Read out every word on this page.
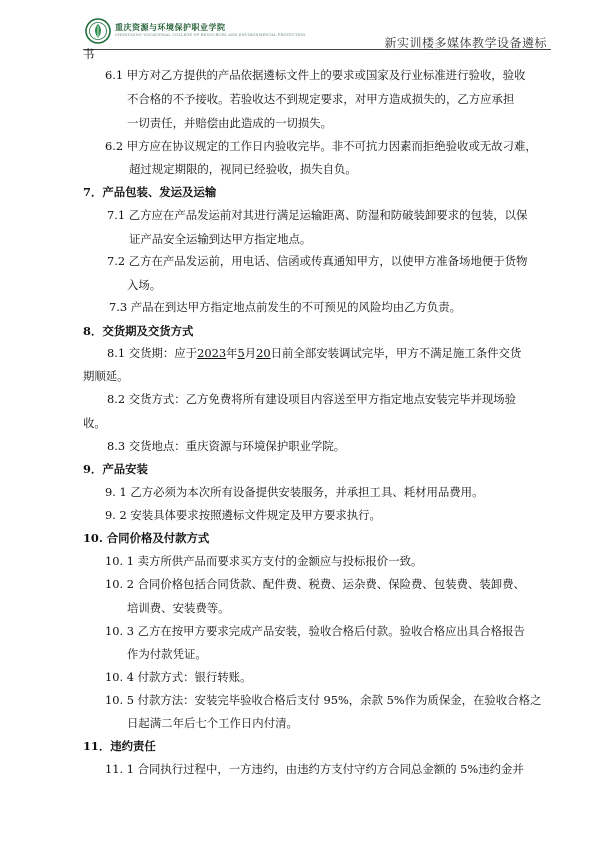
重庆资源与环境保护职业学院
CHONGQING VOCATIONAL COLLEGE OF RESOURCES AND ENVIRONMENTAL PROTECTION
新实训楼多媒体教学设备遴标
书
6.1 甲方对乙方提供的产品依据遴标文件上的要求或国家及行业标准进行验收，验收
不合格的不予接收。若验收达不到规定要求，对甲方造成损失的，乙方应承担
一切责任，并赔偿由此造成的一切损失。
6.2 甲方应在协议规定的工作日内验收完毕。非不可抗力因素而拒绝验收或无故刁难，
超过规定期限的，视同已经验收，损失自负。
7．产品包装、发运及运输
7.1 乙方应在产品发运前对其进行满足运输距离、防湿和防破装卸要求的包装，以保
证产品安全运输到达甲方指定地点。
7.2 乙方在产品发运前，用电话、信函或传真通知甲方，以使甲方准备场地便于货物
入场。
7.3 产品在到达甲方指定地点前发生的不可预见的风险均由乙方负责。
8．交货期及交货方式
8.1 交货期：应于2023年5月20日前全部安装调试完毕，甲方不满足施工条件交货
期顺延。
8.2 交货方式：乙方免费将所有建设项目内容送至甲方指定地点安装完毕并现场验
收。
8.3 交货地点：重庆资源与环境保护职业学院。
9．产品安装
9. 1 乙方必须为本次所有设备提供安装服务，并承担工具、耗材用品费用。
9. 2 安装具体要求按照遴标文件规定及甲方要求执行。
10. 合同价格及付款方式
10. 1 卖方所供产品而要求买方支付的金额应与投标报价一致。
10. 2 合同价格包括合同货款、配件费、税费、运杂费、保险费、包装费、装卸费、
培训费、安装费等。
10. 3 乙方在按甲方要求完成产品安装，验收合格后付款。验收合格应出具合格报告
作为付款凭证。
10. 4 付款方式：银行转账。
10. 5 付款方法：安装完毕验收合格后支付 95%，余款 5%作为质保金，在验收合格之
日起满二年后七个工作日内付清。
11．违约责任
11. 1 合同执行过程中，一方违约，由违约方支付守约方合同总金额的 5%违约金并
